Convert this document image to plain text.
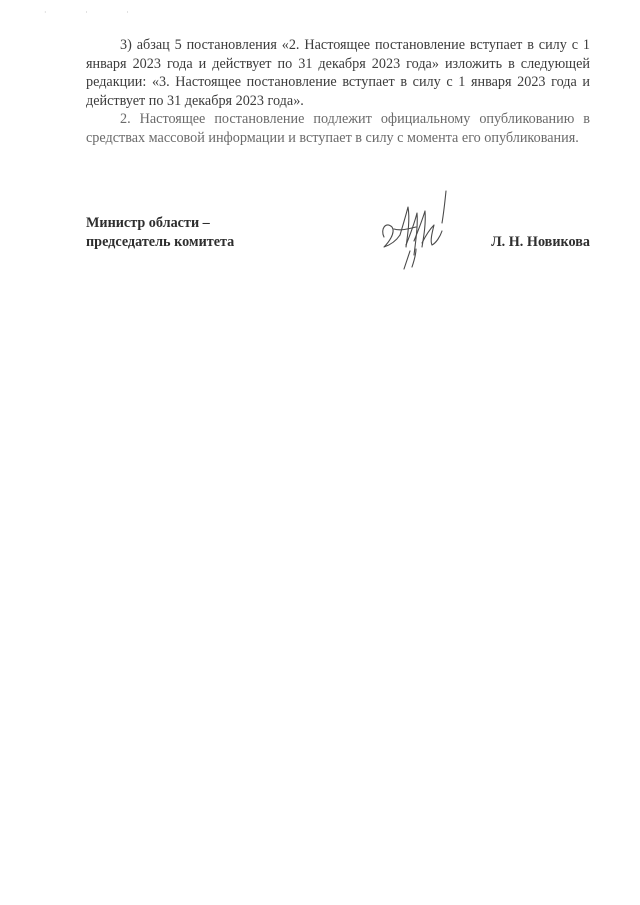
· · ·

3) абзац 5 постановления «2. Настоящее постановление вступает в силу с 1 января 2023 года и действует по 31 декабря 2023 года» изложить в следующей редакции: «3. Настоящее постановление вступает в силу с 1 января 2023 года и действует по 31 декабря 2023 года».

2. Настоящее постановление подлежит официальному опубликованию в средствах массовой информации и вступает в силу с момента его опубликования.

Министр области –
председатель комитета	Л. Н. Новикова
